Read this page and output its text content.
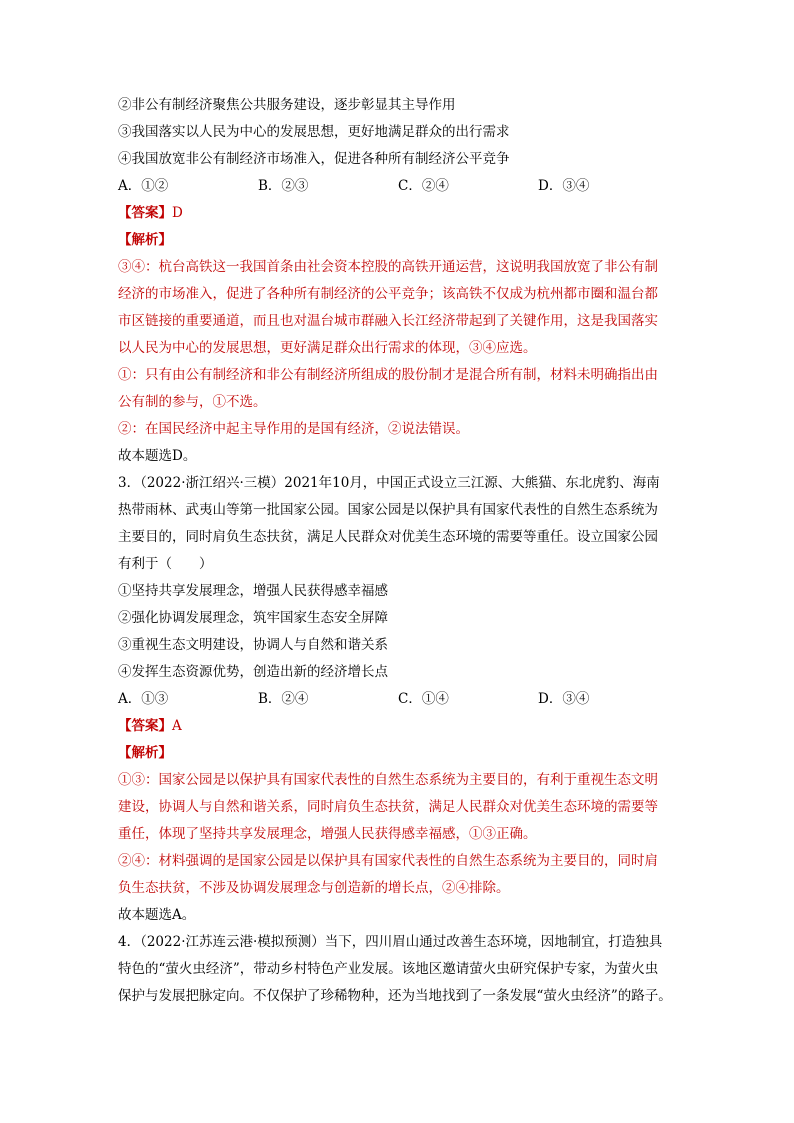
②非公有制经济聚焦公共服务建设，逐步彰显其主导作用
③我国落实以人民为中心的发展思想，更好地满足群众的出行需求
④我国放宽非公有制经济市场准入，促进各种所有制经济公平竞争
A．①②	B．②③	C．②④	D．③④
【答案】D
【解析】
③④：杭台高铁这一我国首条由社会资本控股的高铁开通运营，这说明我国放宽了非公有制
经济的市场准入，促进了各种所有制经济的公平竞争；该高铁不仅成为杭州都市圈和温台都
市区链接的重要通道，而且也对温台城市群融入长江经济带起到了关键作用，这是我国落实
以人民为中心的发展思想，更好满足群众出行需求的体现，③④应选。
①：只有由公有制经济和非公有制经济所组成的股份制才是混合所有制，材料未明确指出由
公有制的参与，①不选。
②：在国民经济中起主导作用的是国有经济，②说法错误。
故本题选D。
3．（2022·浙江绍兴·三模）2021年10月，中国正式设立三江源、大熊猫、东北虎豹、海南
热带雨林、武夷山等第一批国家公园。国家公园是以保护具有国家代表性的自然生态系统为
主要目的，同时肩负生态扶贫，满足人民群众对优美生态环境的需要等重任。设立国家公园
有利于（　　）
①坚持共享发展理念，增强人民获得感幸福感
②强化协调发展理念，筑牢国家生态安全屏障
③重视生态文明建设，协调人与自然和谐关系
④发挥生态资源优势，创造出新的经济增长点
A．①③	B．②④	C．①④	D．③④
【答案】A
【解析】
①③：国家公园是以保护具有国家代表性的自然生态系统为主要目的，有利于重视生态文明
建设，协调人与自然和谐关系，同时肩负生态扶贫，满足人民群众对优美生态环境的需要等
重任，体现了坚持共享发展理念，增强人民获得感幸福感，①③正确。
②④：材料强调的是国家公园是以保护具有国家代表性的自然生态系统为主要目的，同时肩
负生态扶贫，不涉及协调发展理念与创造新的增长点，②④排除。
故本题选A。
4．（2022·江苏连云港·模拟预测）当下，四川眉山通过改善生态环境，因地制宜，打造独具
特色的“萤火虫经济”，带动乡村特色产业发展。该地区邀请萤火虫研究保护专家，为萤火虫
保护与发展把脉定向。不仅保护了珍稀物种，还为当地找到了一条发展“萤火虫经济”的路子。
